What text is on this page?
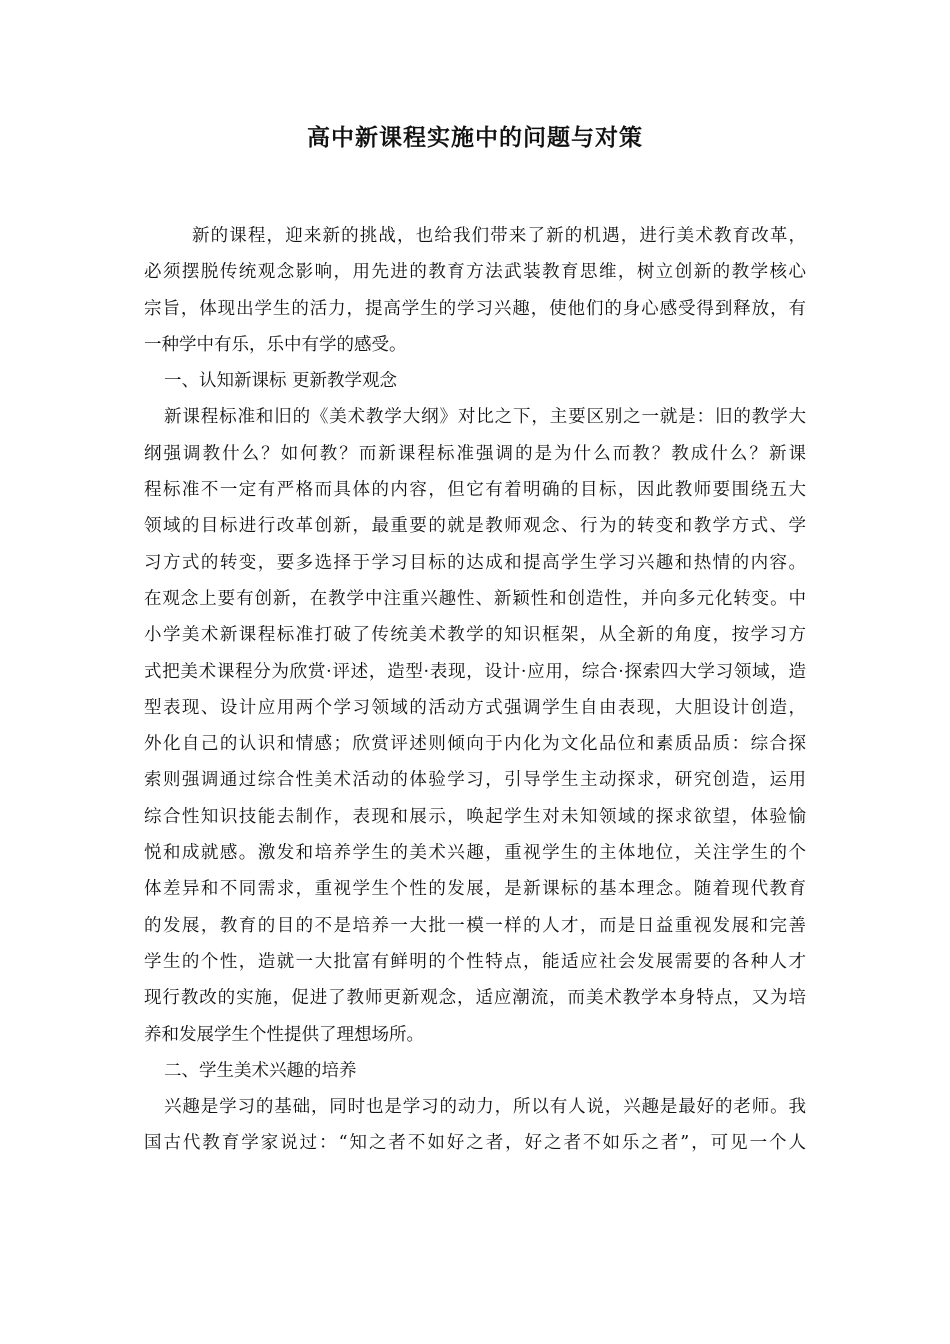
高中新课程实施中的问题与对策
新的课程，迎来新的挑战，也给我们带来了新的机遇，进行美术教育改革，
必须摆脱传统观念影响，用先进的教育方法武装教育思维，树立创新的教学核心
宗旨，体现出学生的活力，提高学生的学习兴趣，使他们的身心感受得到释放，有
一种学中有乐，乐中有学的感受。
一、认知新课标 更新教学观念
新课程标准和旧的《美术教学大纲》对比之下，主要区别之一就是：旧的教学大
纲强调教什么？如何教？而新课程标准强调的是为什么而教？教成什么？新课
程标准不一定有严格而具体的内容，但它有着明确的目标，因此教师要围绕五大
领域的目标进行改革创新，最重要的就是教师观念、行为的转变和教学方式、学
习方式的转变，要多选择于学习目标的达成和提高学生学习兴趣和热情的内容。
在观念上要有创新，在教学中注重兴趣性、新颖性和创造性，并向多元化转变。中
小学美术新课程标准打破了传统美术教学的知识框架，从全新的角度，按学习方
式把美术课程分为欣赏·评述，造型·表现，设计·应用，综合·探索四大学习领域，造
型表现、设计应用两个学习领域的活动方式强调学生自由表现，大胆设计创造，
外化自己的认识和情感；欣赏评述则倾向于内化为文化品位和素质品质：综合探
索则强调通过综合性美术活动的体验学习，引导学生主动探求，研究创造，运用
综合性知识技能去制作，表现和展示，唤起学生对未知领域的探求欲望，体验愉
悦和成就感。激发和培养学生的美术兴趣，重视学生的主体地位，关注学生的个
体差异和不同需求，重视学生个性的发展，是新课标的基本理念。随着现代教育
的发展，教育的目的不是培养一大批一模一样的人才，而是日益重视发展和完善
学生的个性，造就一大批富有鲜明的个性特点，能适应社会发展需要的各种人才
现行教改的实施，促进了教师更新观念，适应潮流，而美术教学本身特点，又为培
养和发展学生个性提供了理想场所。
二、学生美术兴趣的培养
兴趣是学习的基础，同时也是学习的动力，所以有人说，兴趣是最好的老师。我
国古代教育学家说过：“知之者不如好之者，好之者不如乐之者”，可见一个人
